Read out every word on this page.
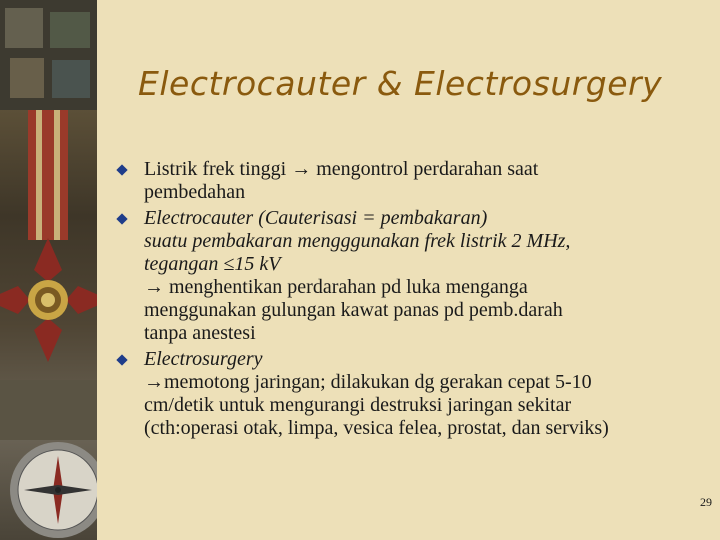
Electrocauter & Electrosurgery
Listrik frek tinggi → mengontrol perdarahan saat
pembedahan
Electrocauter (Cauterisasi = pembakaran)
suatu pembakaran mengggunakan frek listrik 2 MHz,
tegangan ≤15 kV
→ menghentikan perdarahan pd luka menganga
menggunakan gulungan kawat panas pd pemb.darah
tanpa anestesi
Electrosurgery
→memotong jaringan; dilakukan dg gerakan cepat 5-10
cm/detik untuk mengurangi destruksi jaringan sekitar
(cth:operasi otak, limpa, vesica felea, prostat, dan serviks)
29
